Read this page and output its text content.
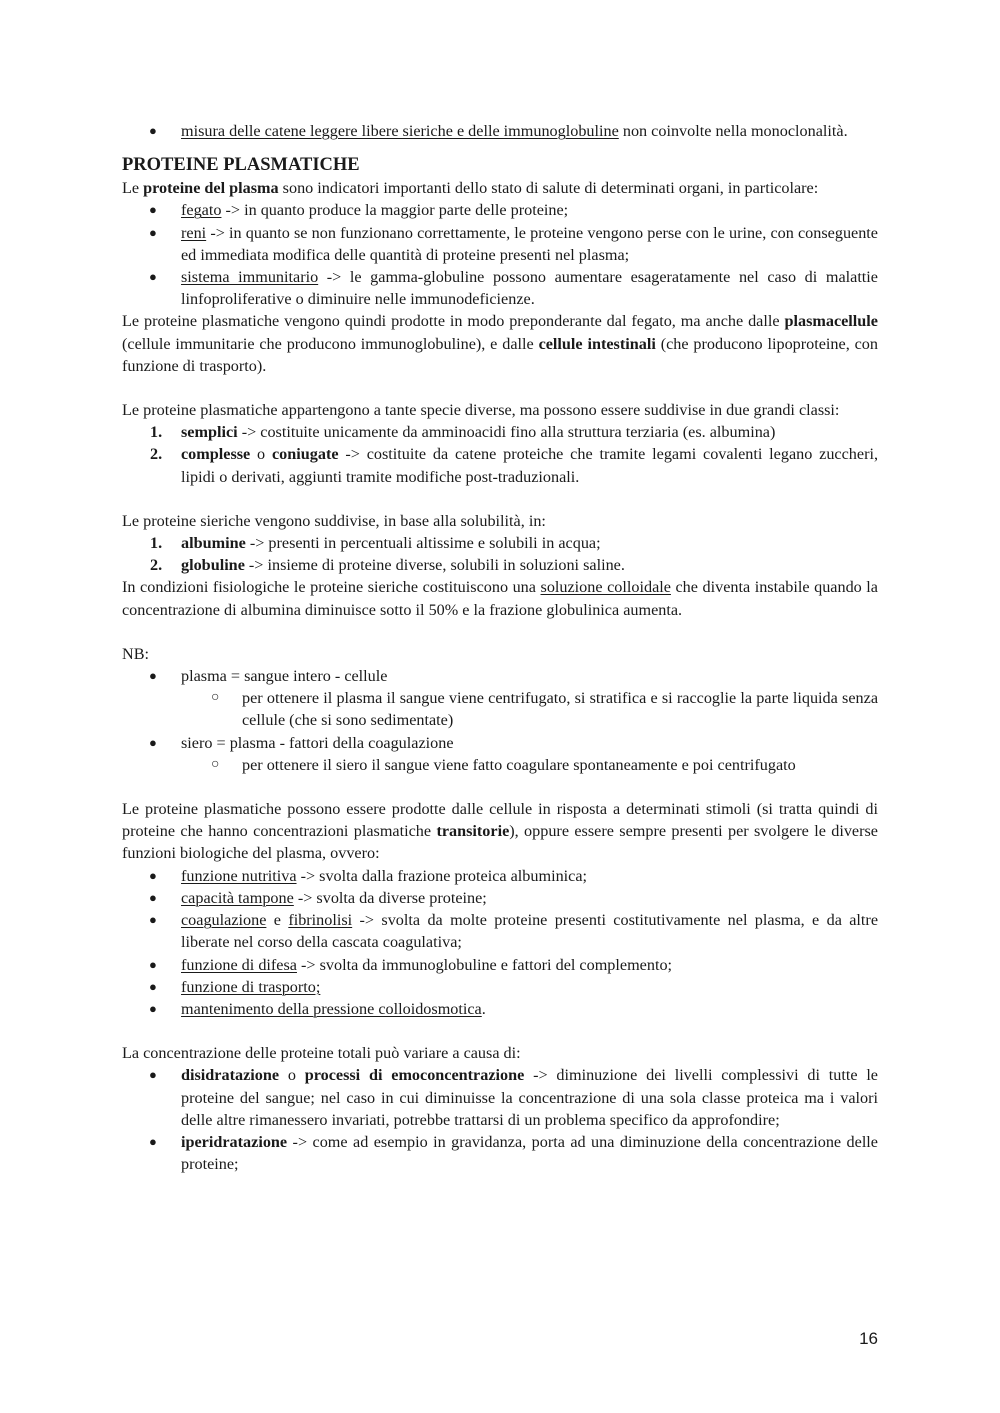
● misura delle catene leggere libere sieriche e delle immunoglobuline non coinvolte nella monoclonalità.
PROTEINE PLASMATICHE

Le proteine del plasma sono indicatori importanti dello stato di salute di determinati organi, in particolare:

● fegato -> in quanto produce la maggior parte delle proteine;
● reni -> in quanto se non funzionano correttamente, le proteine vengono perse con le urine, con conseguente ed immediata modifica delle quantità di proteine presenti nel plasma;
● sistema immunitario -> le gamma-globuline possono aumentare esageratamente nel caso di malattie linfoproliferative o diminuire nelle immunodeficienze.

Le proteine plasmatiche vengono quindi prodotte in modo preponderante dal fegato, ma anche dalle plasmacellule (cellule immunitarie che producono immunoglobuline), e dalle cellule intestinali (che producono lipoproteine, con funzione di trasporto).

Le proteine plasmatiche appartengono a tante specie diverse, ma possono essere suddivise in due grandi classi:

1. semplici -> costituite unicamente da amminoacidi fino alla struttura terziaria (es. albumina)
2. complesse o coniugate -> costituite da catene proteiche che tramite legami covalenti legano zuccheri, lipidi o derivati, aggiunti tramite modifiche post-traduzionali.

Le proteine sieriche vengono suddivise, in base alla solubilità, in:

1. albumine -> presenti in percentuali altissime e solubili in acqua;
2. globuline -> insieme di proteine diverse, solubili in soluzioni saline.

In condizioni fisiologiche le proteine sieriche costituiscono una soluzione colloidale che diventa instabile quando la concentrazione di albumina diminuisce sotto il 50% e la frazione globulinica aumenta.

NB:

● plasma = sangue intero - cellule
○ per ottenere il plasma il sangue viene centrifugato, si stratifica e si raccoglie la parte liquida senza cellule (che si sono sedimentate)
● siero = plasma - fattori della coagulazione
○ per ottenere il siero il sangue viene fatto coagulare spontaneamente e poi centrifugato

Le proteine plasmatiche possono essere prodotte dalle cellule in risposta a determinati stimoli (si tratta quindi di proteine che hanno concentrazioni plasmatiche transitorie), oppure essere sempre presenti per svolgere le diverse funzioni biologiche del plasma, ovvero:

● funzione nutritiva -> svolta dalla frazione proteica albuminica;
● capacità tampone -> svolta da diverse proteine;
● coagulazione e fibrinolisi -> svolta da molte proteine presenti costitutivamente nel plasma, e da altre liberate nel corso della cascata coagulativa;
● funzione di difesa -> svolta da immunoglobuline e fattori del complemento;
● funzione di trasporto;
● mantenimento della pressione colloidosmotica.

La concentrazione delle proteine totali può variare a causa di:

● disidratazione o processi di emoconcentrazione -> diminuzione dei livelli complessivi di tutte le proteine del sangue; nel caso in cui diminuisse la concentrazione di una sola classe proteica ma i valori delle altre rimanessero invariati, potrebbe trattarsi di un problema specifico da approfondire;
● iperidratazione -> come ad esempio in gravidanza, porta ad una diminuzione della concentrazione delle proteine;
16
